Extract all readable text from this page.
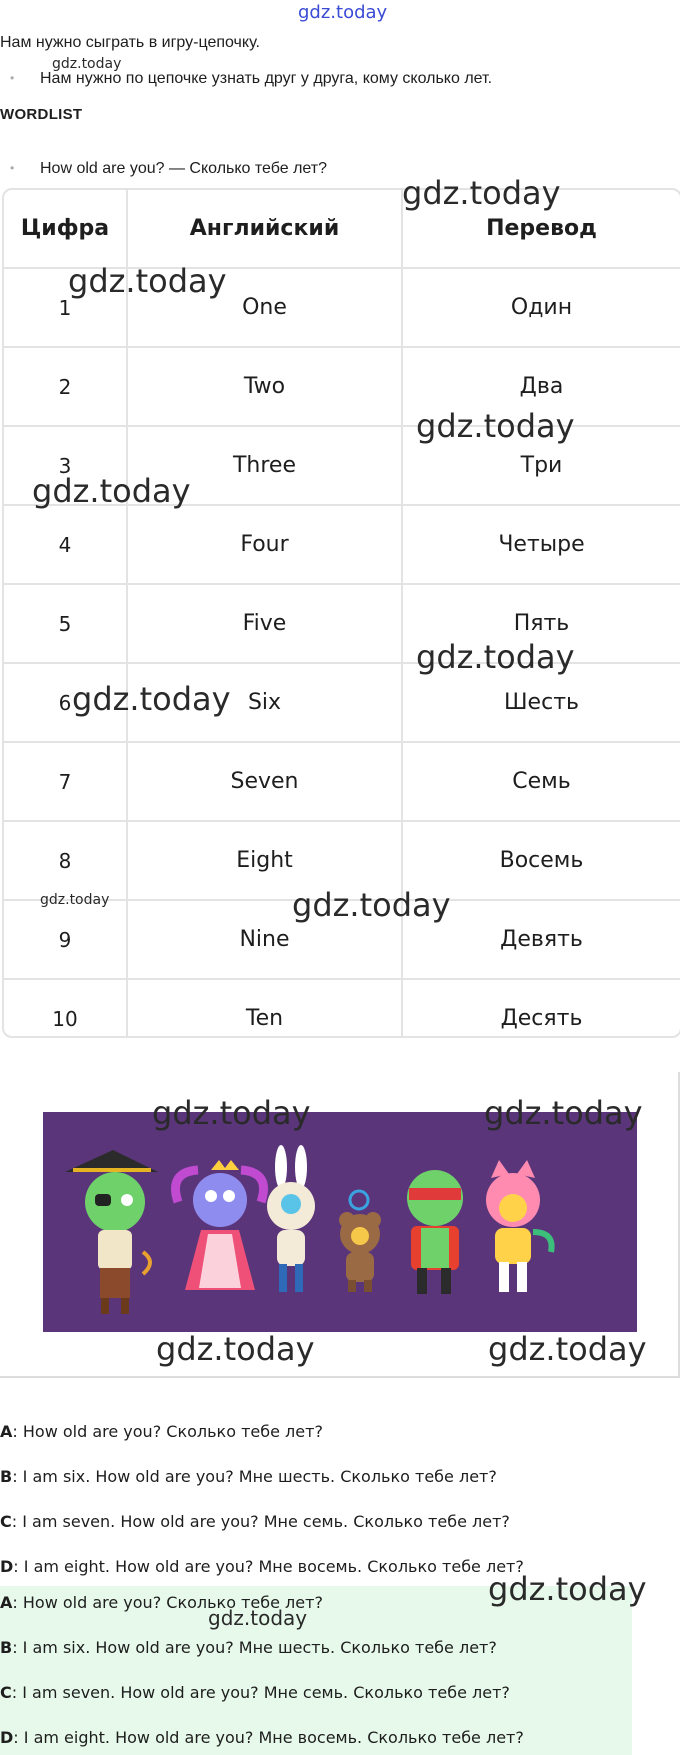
gdz.today
gdz.today
Нам нужно сыграть в игру-цепочку.
• Нам нужно по цепочке узнать друг у друга, кому сколько лет.
WORDLIST
• How old are you? — Сколько тебе лет?
Цифра	Английский	Перевод
1	One	Один
2	Two	Два
3	Three	Три
4	Four	Четыре
5	Five	Пять
6	Six	Шесть
7	Seven	Семь
8	Eight	Восемь
9	Nine	Девять
10	Ten	Десять
gdz.today
gdz.today
gdz.today
gdz.today
gdz.today
gdz.today
gdz.today	gdz.today
gdz.today	gdz.today
gdz.today	gdz.today
A: How old are you? Сколько тебе лет?
B: I am six. How old are you? Мне шесть. Сколько тебе лет?
C: I am seven. How old are you? Мне семь. Сколько тебе лет?
D: I am eight. How old are you? Мне восемь. Сколько тебе лет?
A: How old are you? Сколько тебе лет?
B: I am six. How old are you? Мне шесть. Сколько тебе лет?
C: I am seven. How old are you? Мне семь. Сколько тебе лет?
D: I am eight. How old are you? Мне восемь. Сколько тебе лет?
gdz.today
gdz.today
